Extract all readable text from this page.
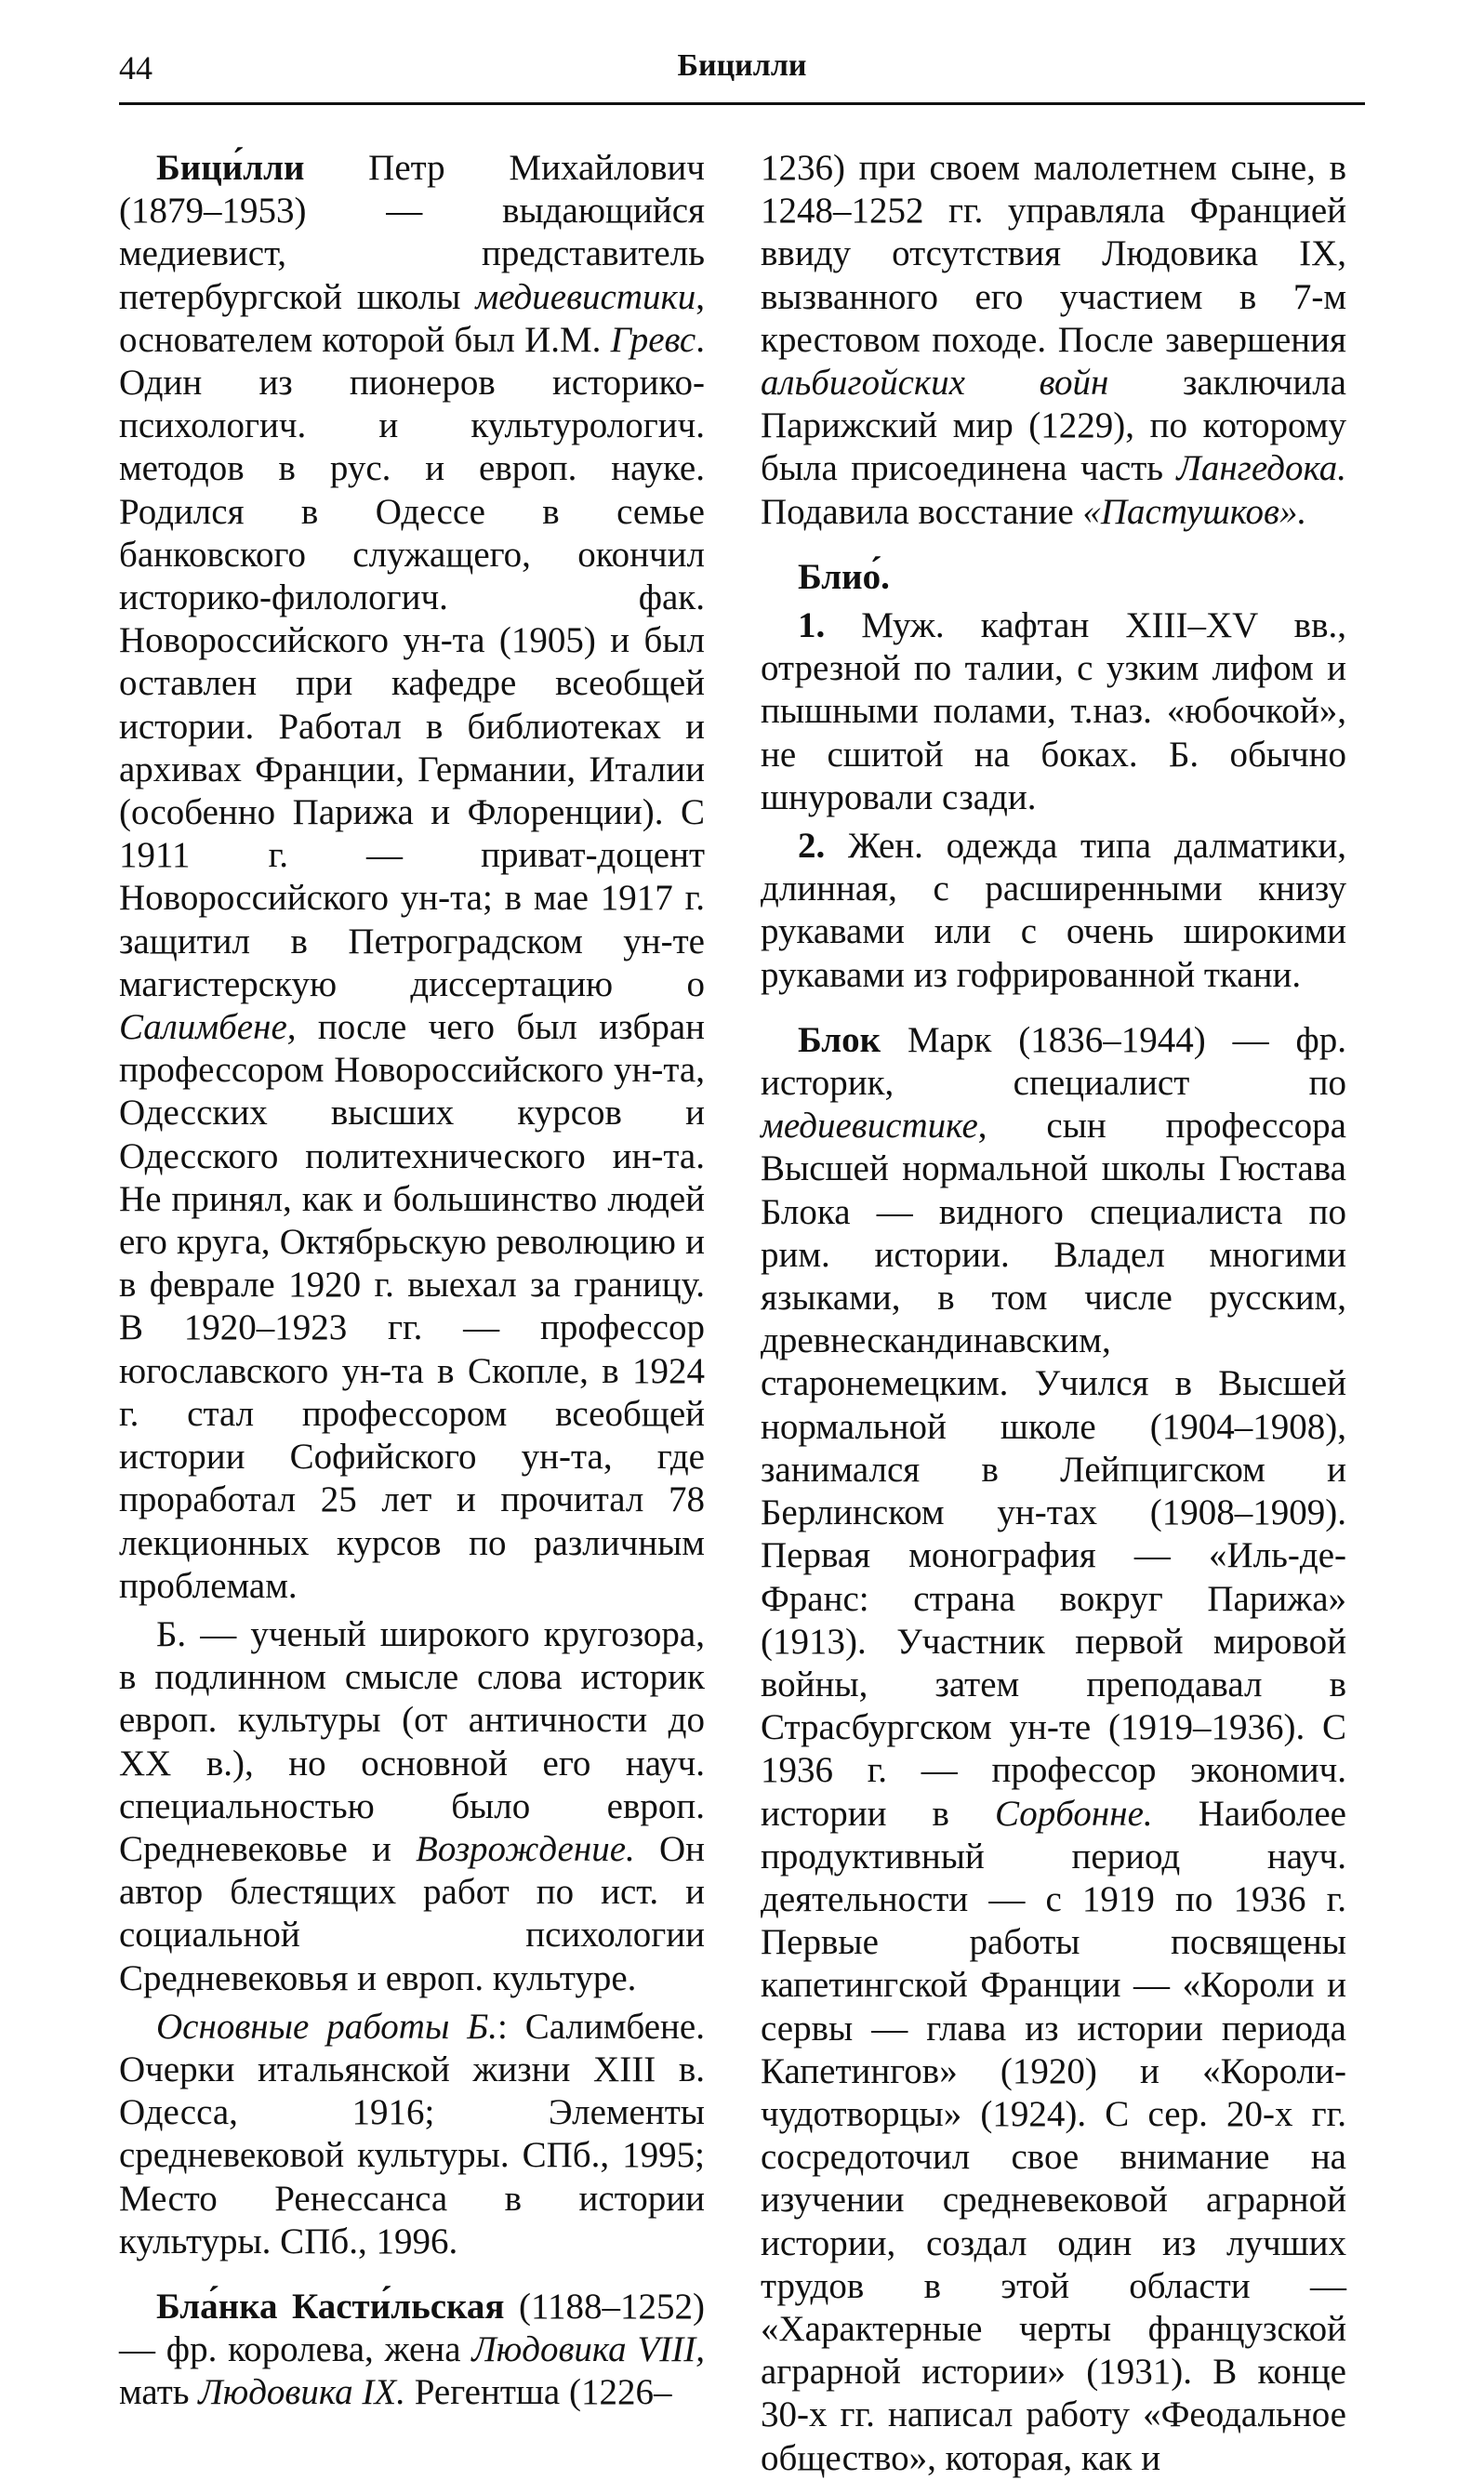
44	Бицилли

Бици́лли Петр Михайлович (1879–1953) — выдающийся медиевист, представитель петербургской школы медиевистики, основателем которой был И.М. Гревс. Один из пионеров историко-психологич. и культурологич. методов в рус. и европ. науке. Родился в Одессе в семье банковского служащего, окончил историко-филологич. фак. Новороссийского ун-та (1905) и был оставлен при кафедре всеобщей истории. Работал в библиотеках и архивах Франции, Германии, Италии (особенно Парижа и Флоренции). С 1911 г. — приват-доцент Новороссийского ун-та; в мае 1917 г. защитил в Петроградском ун-те магистерскую диссертацию о Салимбене, после чего был избран профессором Новороссийского ун-та, Одесских высших курсов и Одесского политехнического ин-та. Не принял, как и большинство людей его круга, Октябрьскую революцию и в феврале 1920 г. выехал за границу. В 1920–1923 гг. — профессор югославского ун-та в Скопле, в 1924 г. стал профессором всеобщей истории Софийского ун-та, где проработал 25 лет и прочитал 78 лекционных курсов по различным проблемам.

Б. — ученый широкого кругозора, в подлинном смысле слова историк европ. культуры (от античности до XX в.), но основной его науч. специальностью было европ. Средневековье и Возрождение. Он автор блестящих работ по ист. и социальной психологии Средневековья и европ. культуре.

Основные работы Б.: Салимбене. Очерки итальянской жизни XIII в. Одесса, 1916; Элементы средневековой культуры. СПб., 1995; Место Ренессанса в истории культуры. СПб., 1996.

Бла́нка Касти́льская (1188–1252) — фр. королева, жена Людовика VIII, мать Людовика IX. Регентша (1226–

1236) при своем малолетнем сыне, в 1248–1252 гг. управляла Францией ввиду отсутствия Людовика IX, вызванного его участием в 7-м крестовом походе. После завершения альбигойских войн заключила Парижский мир (1229), по которому была присоединена часть Лангедока. Подавила восстание «Пастушков».

Блио́.

1. Муж. кафтан XIII–XV вв., отрезной по талии, с узким лифом и пышными полами, т.наз. «юбочкой», не сшитой на боках. Б. обычно шнуровали сзади.

2. Жен. одежда типа далматики, длинная, с расширенными книзу рукавами или с очень широкими рукавами из гофрированной ткани.

Блок Марк (1836–1944) — фр. историк, специалист по медиевистике, сын профессора Высшей нормальной школы Гюстава Блока — видного специалиста по рим. истории. Владел многими языками, в том числе русским, древнескандинавским, старонемецким. Учился в Высшей нормальной школе (1904–1908), занимался в Лейпцигском и Берлинском ун-тах (1908–1909). Первая монография — «Иль-де-Франс: страна вокруг Парижа» (1913). Участник первой мировой войны, затем преподавал в Страсбургском ун-те (1919–1936). С 1936 г. — профессор экономич. истории в Сорбонне. Наиболее продуктивный период науч. деятельности — с 1919 по 1936 г. Первые работы посвящены капетингской Франции — «Короли и сервы — глава из истории периода Капетингов» (1920) и «Короли-чудотворцы» (1924). С сер. 20-х гг. сосредоточил свое внимание на изучении средневековой аграрной истории, создал один из лучших трудов в этой области — «Характерные черты французской аграрной истории» (1931). В конце 30-х гг. написал работу «Феодальное общество», которая, как и
